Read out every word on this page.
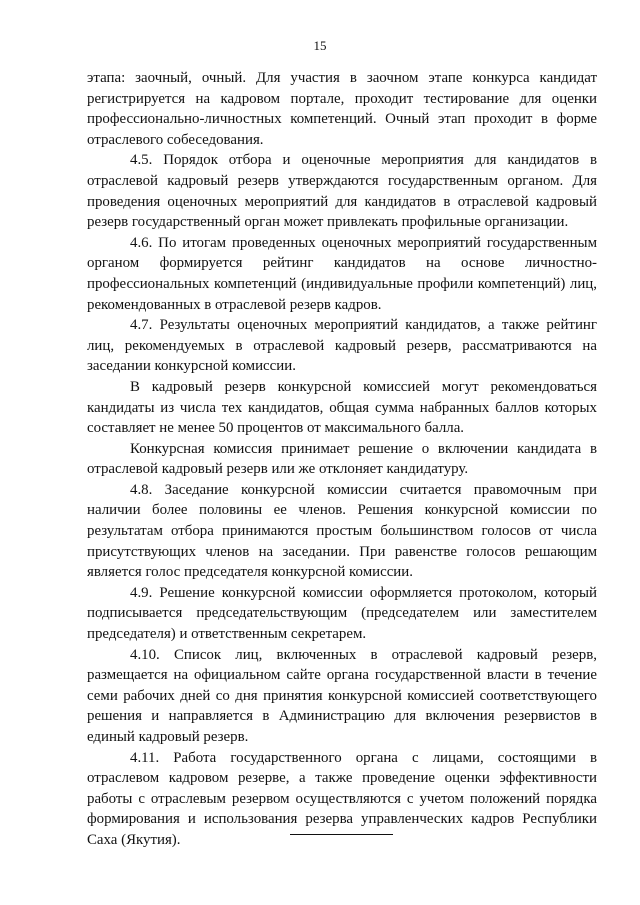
15

этапа: заочный, очный. Для участия в заочном этапе конкурса кандидат регистрируется на кадровом портале, проходит тестирование для оценки профессионально-личностных компетенций. Очный этап проходит в форме отраслевого собеседования.

4.5. Порядок отбора и оценочные мероприятия для кандидатов в отраслевой кадровый резерв утверждаются государственным органом. Для проведения оценочных мероприятий для кандидатов в отраслевой кадровый резерв государственный орган может привлекать профильные организации.

4.6. По итогам проведенных оценочных мероприятий государственным органом формируется рейтинг кандидатов на основе личностно-профессиональных компетенций (индивидуальные профили компетенций) лиц, рекомендованных в отраслевой резерв кадров.

4.7. Результаты оценочных мероприятий кандидатов, а также рейтинг лиц, рекомендуемых в отраслевой кадровый резерв, рассматриваются на заседании конкурсной комиссии.

В кадровый резерв конкурсной комиссией могут рекомендоваться кандидаты из числа тех кандидатов, общая сумма набранных баллов которых составляет не менее 50 процентов от максимального балла.

Конкурсная комиссия принимает решение о включении кандидата в отраслевой кадровый резерв или же отклоняет кандидатуру.

4.8. Заседание конкурсной комиссии считается правомочным при наличии более половины ее членов. Решения конкурсной комиссии по результатам отбора принимаются простым большинством голосов от числа присутствующих членов на заседании. При равенстве голосов решающим является голос председателя конкурсной комиссии.

4.9. Решение конкурсной комиссии оформляется протоколом, который подписывается председательствующим (председателем или заместителем председателя) и ответственным секретарем.

4.10. Список лиц, включенных в отраслевой кадровый резерв, размещается на официальном сайте органа государственной власти в течение семи рабочих дней со дня принятия конкурсной комиссией соответствующего решения и направляется в Администрацию для включения резервистов в единый кадровый резерв.

4.11. Работа государственного органа с лицами, состоящими в отраслевом кадровом резерве, а также проведение оценки эффективности работы с отраслевым резервом осуществляются с учетом положений порядка формирования и использования резерва управленческих кадров Республики Саха (Якутия).
